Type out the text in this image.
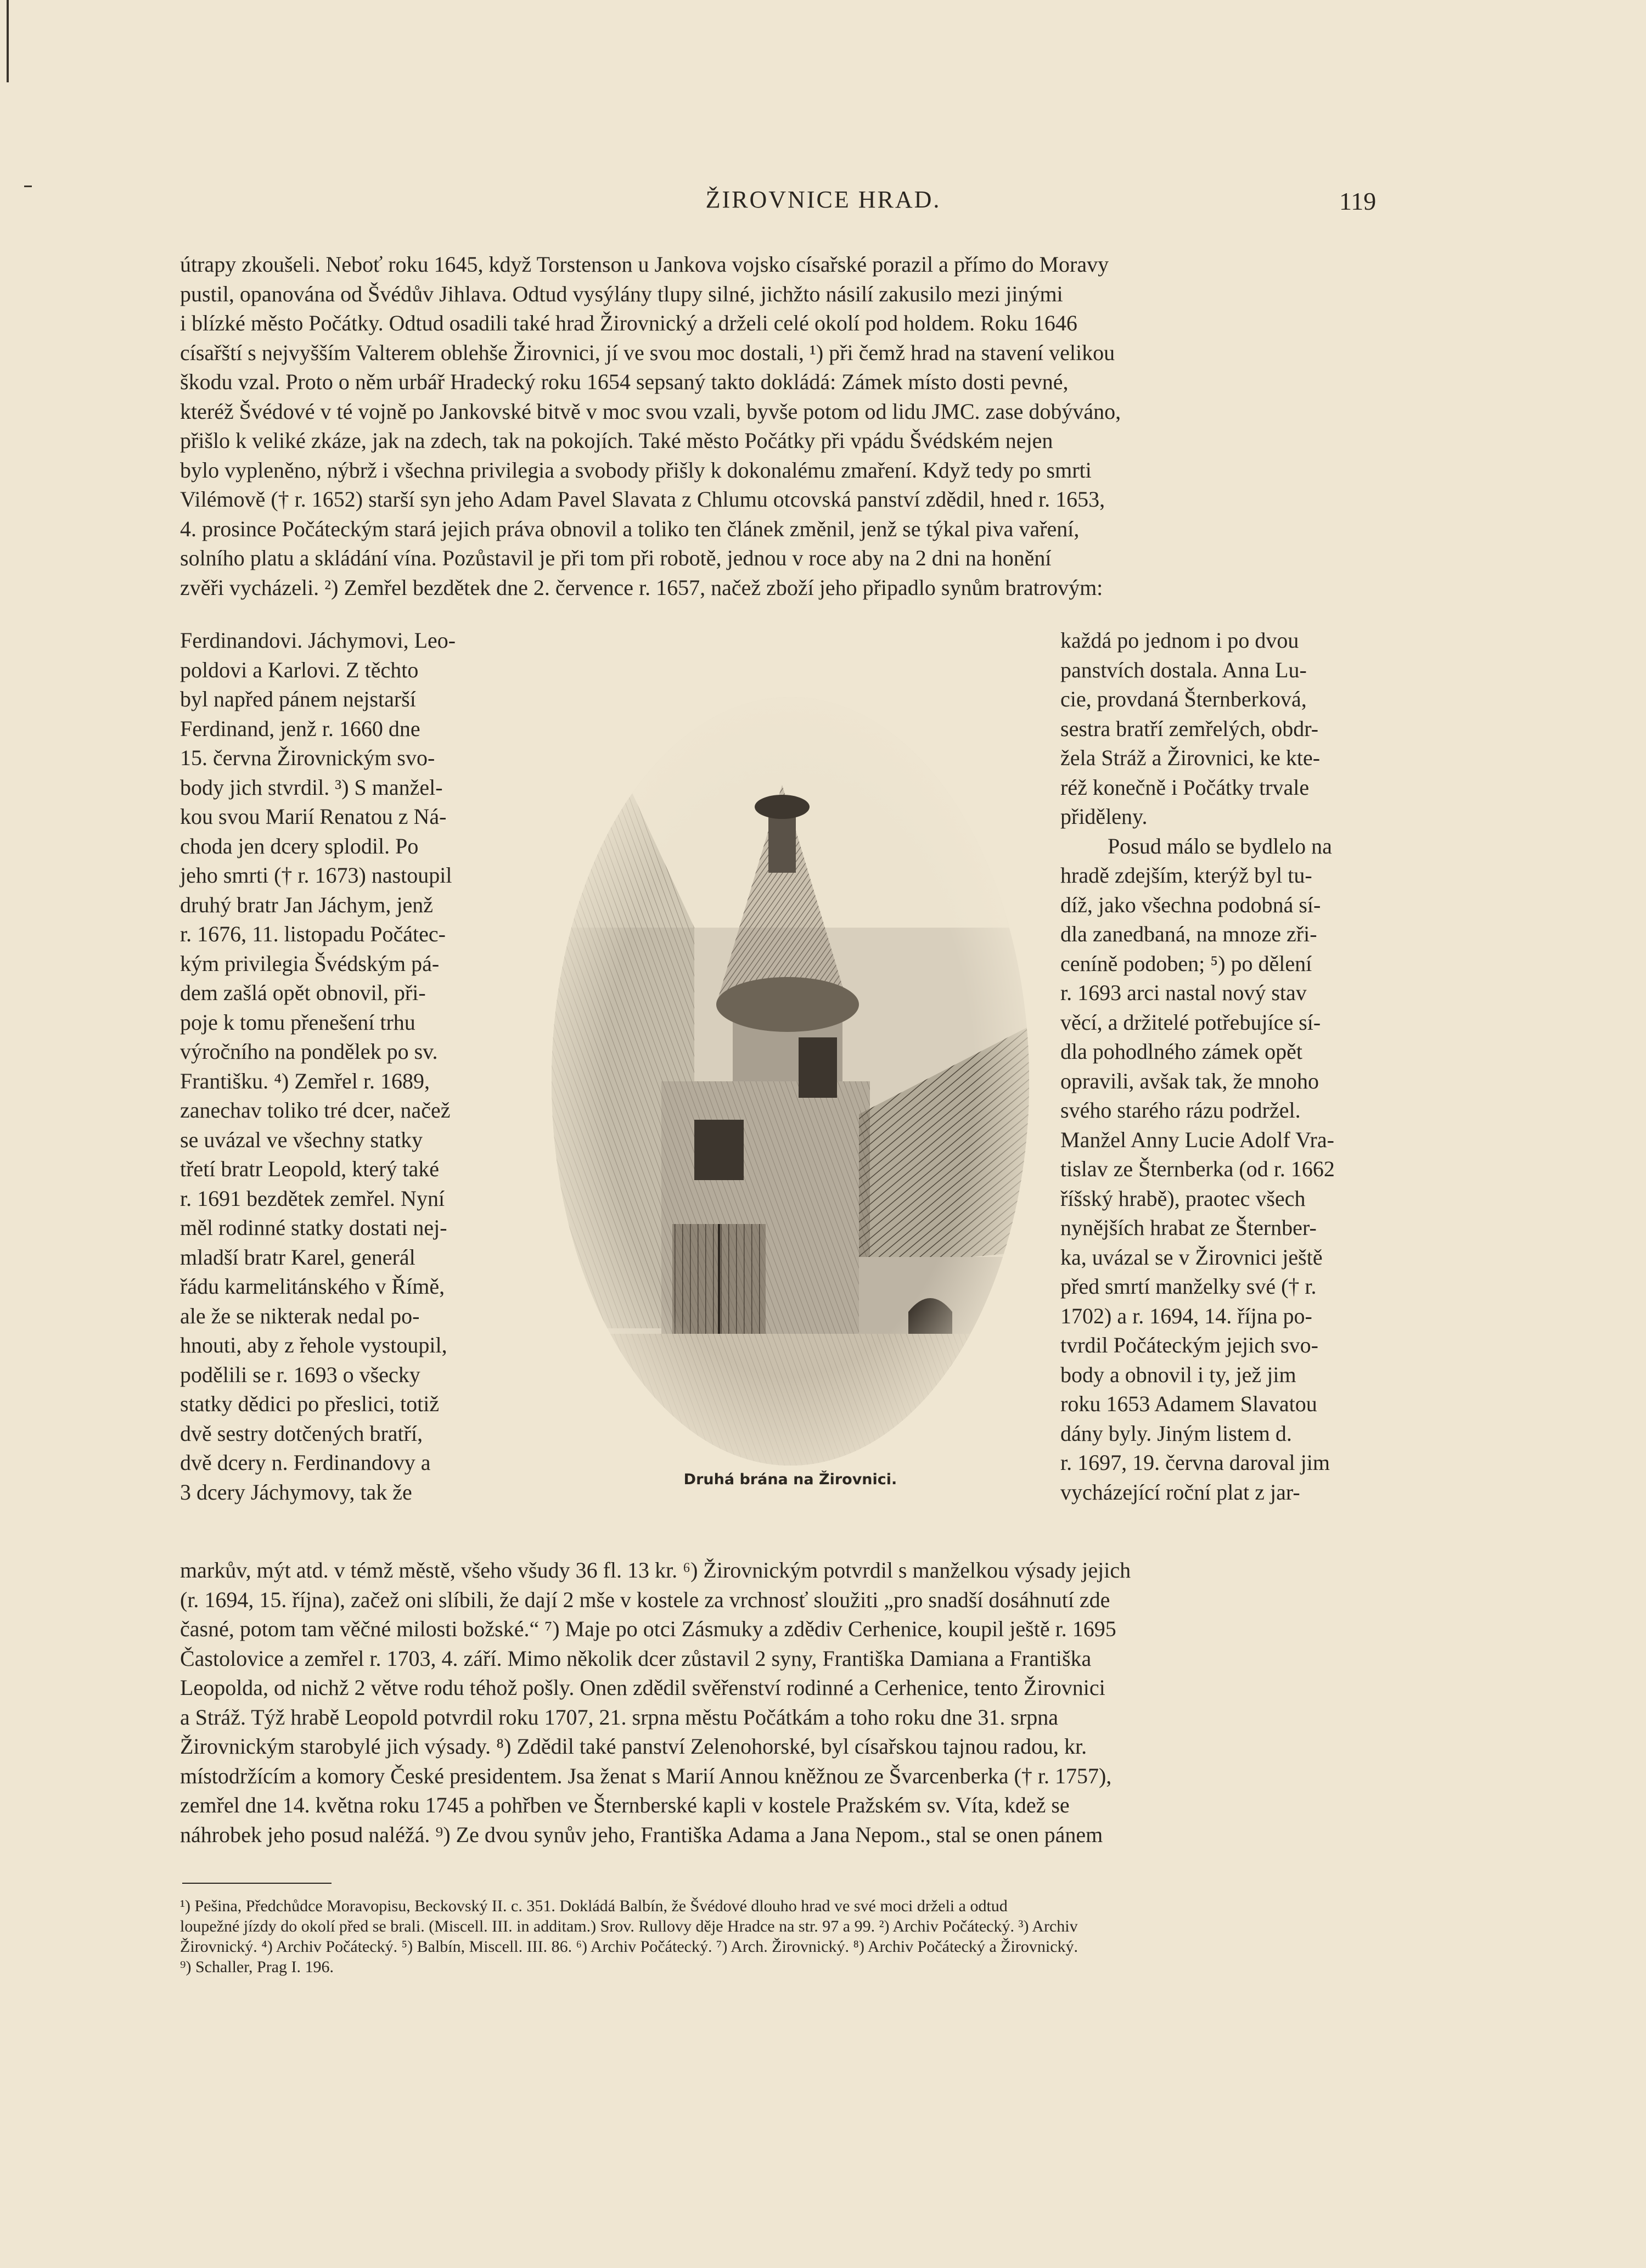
ŽIROVNICE HRAD.	119

útrapy zkoušeli. Neboť roku 1645, když Torstenson u Jankova vojsko císařské porazil a přímo do Moravy

pustil, opanována od Švédův Jihlava. Odtud vysýlány tlupy silné, jichžto násilí zakusilo mezi jinými

i blízké město Počátky. Odtud osadili také hrad Žirovnický a drželi celé okolí pod holdem. Roku 1646

císařští s nejvyšším Valterem oblehše Žirovnici, jí ve svou moc dostali, ¹) při čemž hrad na stavení velikou

škodu vzal. Proto o něm urbář Hradecký roku 1654 sepsaný takto dokládá: Zámek místo dosti pevné,

kteréž Švédové v té vojně po Jankovské bitvě v moc svou vzali, byvše potom od lidu JMC. zase dobýváno,

přišlo k veliké zkáze, jak na zdech, tak na pokojích. Také město Počátky při vpádu Švédském nejen

bylo vypleněno, nýbrž i všechna privilegia a svobody přišly k dokonalému zmaření. Když tedy po smrti

Vilémově († r. 1652) starší syn jeho Adam Pavel Slavata z Chlumu otcovská panství zdědil, hned r. 1653,

4. prosince Počáteckým stará jejich práva obnovil a toliko ten článek změnil, jenž se týkal piva vaření,

solního platu a skládání vína. Pozůstavil je při tom při robotě, jednou v roce aby na 2 dni na honění

zvěři vycházeli. ²) Zemřel bezdětek dne 2. července r. 1657, načež zboží jeho připadlo synům bratrovým:

Ferdinandovi. Jáchymovi, Leo-

poldovi a Karlovi. Z těchto

byl napřed pánem nejstarší

Ferdinand, jenž r. 1660 dne

15. června Žirovnickým svo-

body jich stvrdil. ³) S manžel-

kou svou Marií Renatou z Ná-

choda jen dcery splodil. Po

jeho smrti († r. 1673) nastoupil

druhý bratr Jan Jáchym, jenž

r. 1676, 11. listopadu Počátec-

kým privilegia Švédským pá-

dem zašlá opět obnovil, při-

poje k tomu přenešení trhu

výročního na pondělek po sv.

Františku. ⁴) Zemřel r. 1689,

zanechav toliko tré dcer, načež

se uvázal ve všechny statky

třetí bratr Leopold, který také

r. 1691 bezdětek zemřel. Nyní

měl rodinné statky dostati nej-

mladší bratr Karel, generál

řádu karmelitánského v Římě,

ale že se nikterak nedal po-

hnouti, aby z řehole vystoupil,

podělili se r. 1693 o všecky

statky dědici po přeslici, totiž

dvě sestry dotčených bratří,

dvě dcery n. Ferdinandovy a

3 dcery Jáchymovy, tak že	Druhá brána na Žirovnici.

každá po jednom i po dvou

panstvích dostala. Anna Lu-

cie, provdaná Šternberková,

sestra bratří zemřelých, obdr-

žela Stráž a Žirovnici, ke kte-

réž konečně i Počátky trvale

přiděleny.

Posud málo se bydlelo na

hradě zdejším, kterýž byl tu-

díž, jako všechna podobná sí-

dla zanedbaná, na mnoze zři-

ceníně podoben; ⁵) po dělení

r. 1693 arci nastal nový stav

věcí, a držitelé potřebujíce sí-

dla pohodlného zámek opět

opravili, avšak tak, že mnoho

svého starého rázu podržel.

Manžel Anny Lucie Adolf Vra-

tislav ze Šternberka (od r. 1662

říšský hrabě), praotec všech

nynějších hrabat ze Šternber-

ka, uvázal se v Žirovnici ještě

před smrtí manželky své († r.

1702) a r. 1694, 14. října po-

tvrdil Počáteckým jejich svo-

body a obnovil i ty, jež jim

roku 1653 Adamem Slavatou

dány byly. Jiným listem d.

r. 1697, 19. června daroval jim

vycházející roční plat z jar-

markův, mýt atd. v témž městě, všeho všudy 36 fl. 13 kr. ⁶) Žirovnickým potvrdil s manželkou výsady jejich

(r. 1694, 15. října), začež oni slíbili, že dají 2 mše v kostele za vrchnosť sloužiti „pro snadší dosáhnutí zde

časné, potom tam věčné milosti božské.“ ⁷) Maje po otci Zásmuky a zdědiv Cerhenice, koupil ještě r. 1695

Častolovice a zemřel r. 1703, 4. září. Mimo několik dcer zůstavil 2 syny, Františka Damiana a Františka

Leopolda, od nichž 2 větve rodu téhož pošly. Onen zdědil svěřenství rodinné a Cerhenice, tento Žirovnici

a Stráž. Týž hrabě Leopold potvrdil roku 1707, 21. srpna městu Počátkám a toho roku dne 31. srpna

Žirovnickým starobylé jich výsady. ⁸) Zdědil také panství Zelenohorské, byl císařskou tajnou radou, kr.

místodržícím a komory České presidentem. Jsa ženat s Marií Annou kněžnou ze Švarcenberka († r. 1757),

zemřel dne 14. května roku 1745 a pohřben ve Šternberské kapli v kostele Pražském sv. Víta, kdež se

náhrobek jeho posud naléžá. ⁹) Ze dvou synův jeho, Františka Adama a Jana Nepom., stal se onen pánem

¹) Pešina, Předchůdce Moravopisu, Beckovský II. c. 351. Dokládá Balbín, že Švédové dlouho hrad ve své moci drželi a odtud

loupežné jízdy do okolí před se brali. (Miscell. III. in additam.) Srov. Rullovy děje Hradce na str. 97 a 99. ²) Archiv Počátecký. ³) Archiv

Žirovnický. ⁴) Archiv Počátecký. ⁵) Balbín, Miscell. III. 86. ⁶) Archiv Počátecký. ⁷) Arch. Žirovnický. ⁸) Archiv Počátecký a Žirovnický.

⁹) Schaller, Prag I. 196.
